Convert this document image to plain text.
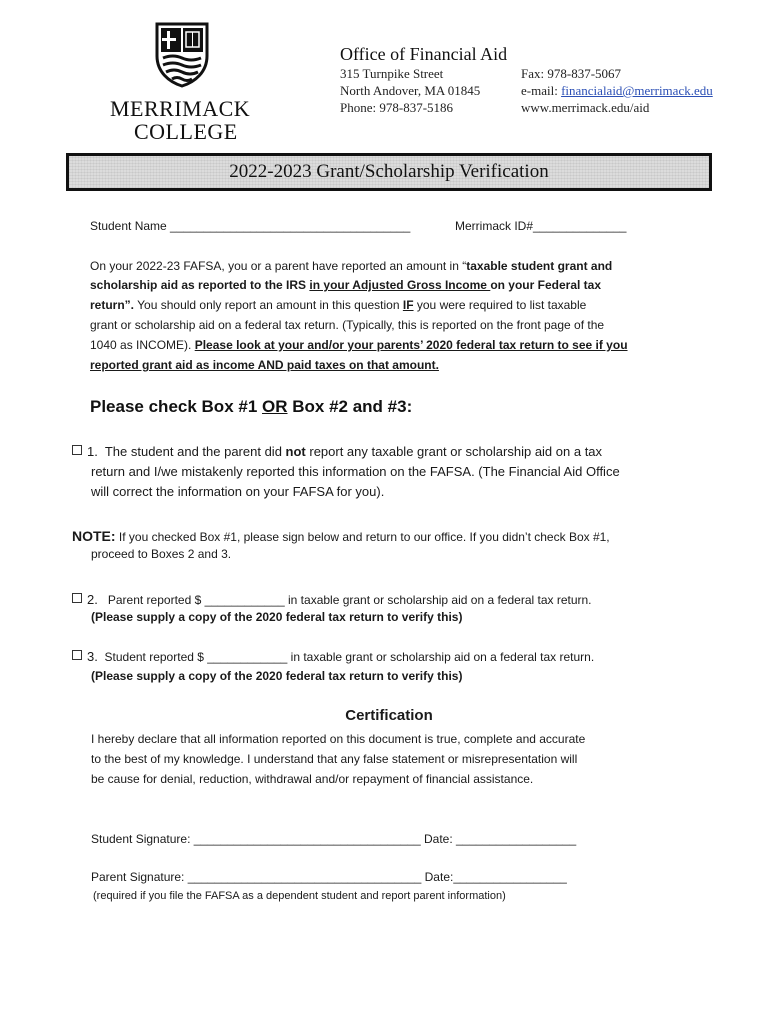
MERRIMACK
COLLEGE
Office of Financial Aid
315 Turnpike Street
North Andover, MA 01845
Phone: 978-837-5186
Fax: 978-837-5067
e-mail: financialaid@merrimack.edu
www.merrimack.edu/aid
2022-2023 Grant/Scholarship Verification
Student Name ____________________________________	Merrimack ID#______________
On your 2022-23 FAFSA, you or a parent have reported an amount in “taxable student grant and
scholarship aid as reported to the IRS in your Adjusted Gross Income on your Federal tax
return”. You should only report an amount in this question IF you were required to list taxable
grant or scholarship aid on a federal tax return. (Typically, this is reported on the front page of the
1040 as INCOME). Please look at your and/or your parents’ 2020 federal tax return to see if you
reported grant aid as income AND paid taxes on that amount.
Please check Box #1 OR Box #2 and #3:
1. The student and the parent did not report any taxable grant or scholarship aid on a tax
return and I/we mistakenly reported this information on the FAFSA. (The Financial Aid Office
will correct the information on your FAFSA for you).
NOTE: If you checked Box #1, please sign below and return to our office. If you didn’t check Box #1,
proceed to Boxes 2 and 3.
2. Parent reported $ ____________ in taxable grant or scholarship aid on a federal tax return.
(Please supply a copy of the 2020 federal tax return to verify this)
3. Student reported $ ____________ in taxable grant or scholarship aid on a federal tax return.
(Please supply a copy of the 2020 federal tax return to verify this)
Certification
I hereby declare that all information reported on this document is true, complete and accurate
to the best of my knowledge. I understand that any false statement or misrepresentation will
be cause for denial, reduction, withdrawal and/or repayment of financial assistance.
Student Signature: __________________________________ Date: __________________
Parent Signature: ___________________________________ Date:_________________
(required if you file the FAFSA as a dependent student and report parent information)
